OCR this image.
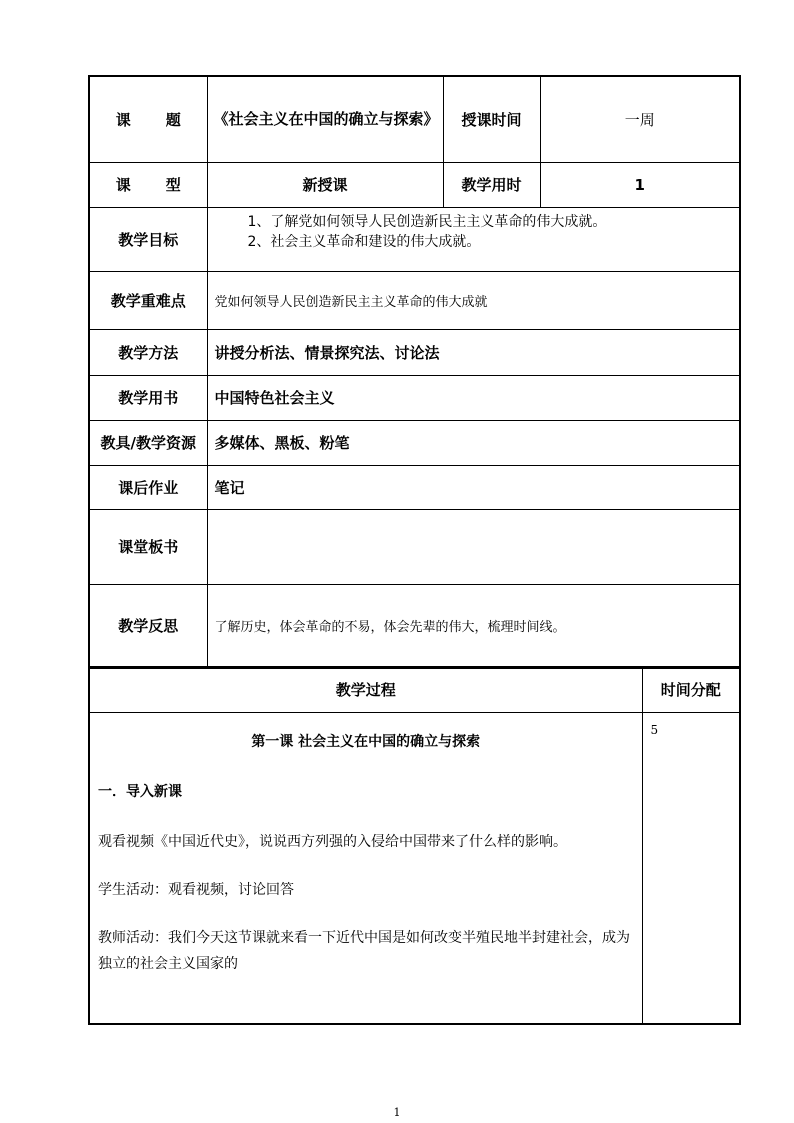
课 题	《社会主义在中国的确立与探索》	授课时间	一周
课 型	新授课	教学用时	1
教学目标	1、了解党如何领导人民创造新民主主义革命的伟大成就。
2、社会主义革命和建设的伟大成就。		

教学重难点	党如何领导人民创造新民主主义革命的伟大成就		
教学方法	讲授分析法、情景探究法、讨论法		
教学用书	中国特色社会主义		
教具/教学资源	多媒体、黑板、粉笔		
课后作业	笔记		
课堂板书			
教学反思	了解历史，体会革命的不易，体会先辈的伟大，梳理时间线。		
教学过程	时间分配

第一课 社会主义在中国的确立与探索

一．导入新课

观看视频《中国近代史》，说说西方列强的入侵给中国带来了什么样的影响。

学生活动：观看视频，讨论回答

教师活动：我们今天这节课就来看一下近代中国是如何改变半殖民地半封建社会，成为独立的社会主义国家的	5
1
